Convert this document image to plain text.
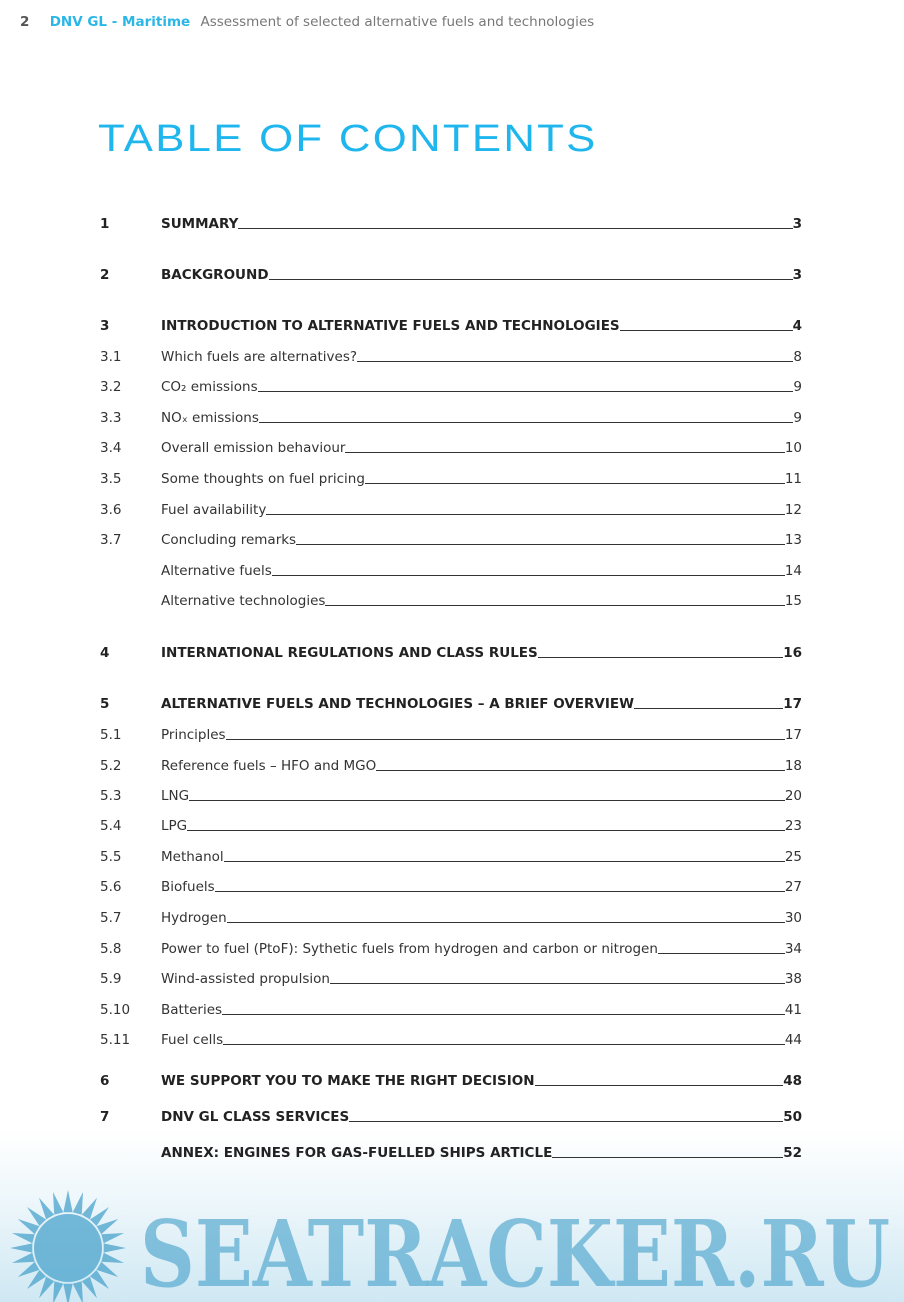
2 DNV GL - Maritime Assessment of selected alternative fuels and technologies
TABLE OF CONTENTS
1	SUMMARY	3
2	BACKGROUND	3
3	INTRODUCTION TO ALTERNATIVE FUELS AND TECHNOLOGIES	4
3.1	Which fuels are alternatives?	8
3.2	CO₂ emissions	9
3.3	NOₓ emissions	9
3.4	Overall emission behaviour	10
3.5	Some thoughts on fuel pricing	11
3.6	Fuel availability	12
3.7	Concluding remarks	13
Alternative fuels	14
Alternative technologies	15
4	INTERNATIONAL REGULATIONS AND CLASS RULES	16
5	ALTERNATIVE FUELS AND TECHNOLOGIES – A BRIEF OVERVIEW	17
5.1	Principles	17
5.2	Reference fuels – HFO and MGO	18
5.3	LNG	20
5.4	LPG	23
5.5	Methanol	25
5.6	Biofuels	27
5.7	Hydrogen	30
5.8	Power to fuel (PtoF): Sythetic fuels from hydrogen and carbon or nitrogen	34
5.9	Wind-assisted propulsion	38
5.10	Batteries	41
5.11	Fuel cells	44
6	WE SUPPORT YOU TO MAKE THE RIGHT DECISION	48
7	DNV GL CLASS SERVICES	50
ANNEX: ENGINES FOR GAS-FUELLED SHIPS ARTICLE	52
SEATRACKER.RU
